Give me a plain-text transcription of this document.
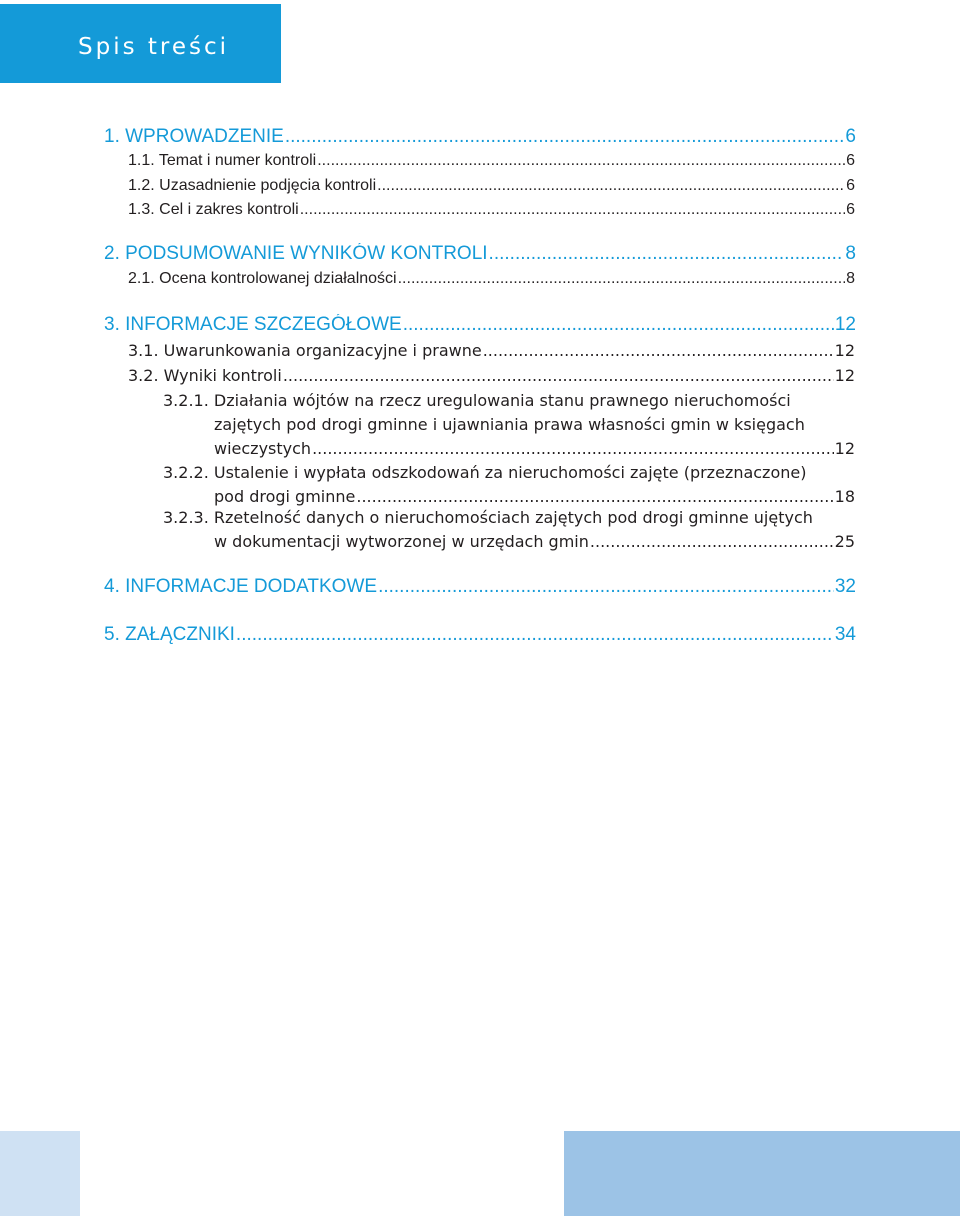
Spis treści
1. WPROWADZENIE .....	6
1.1. Temat i numer kontroli .....	6
1.2. Uzasadnienie podjęcia kontroli .....	6
1.3. Cel i zakres kontroli .....	6
2. PODSUMOWANIE WYNIKÓW KONTROLI .....	8
2.1. Ocena kontrolowanej działalności .....	8
3. INFORMACJE SZCZEGÓŁOWE .....	12
3.1. Uwarunkowania organizacyjne i prawne .....	12
3.2. Wyniki kontroli .....	12
3.2.1. Działania wójtów na rzecz uregulowania stanu prawnego nieruchomości
zajętych pod drogi gminne i ujawniania prawa własności gmin w księgach
wieczystych .....	12
3.2.2. Ustalenie i wypłata odszkodowań za nieruchomości zajęte (przeznaczone)
pod drogi gminne .....	18
3.2.3. Rzetelność danych o nieruchomościach zajętych pod drogi gminne ujętych
w dokumentacji wytworzonej w urzędach gmin .....	25
4. INFORMACJE DODATKOWE .....	32
5. ZAŁĄCZNIKI .....	34
